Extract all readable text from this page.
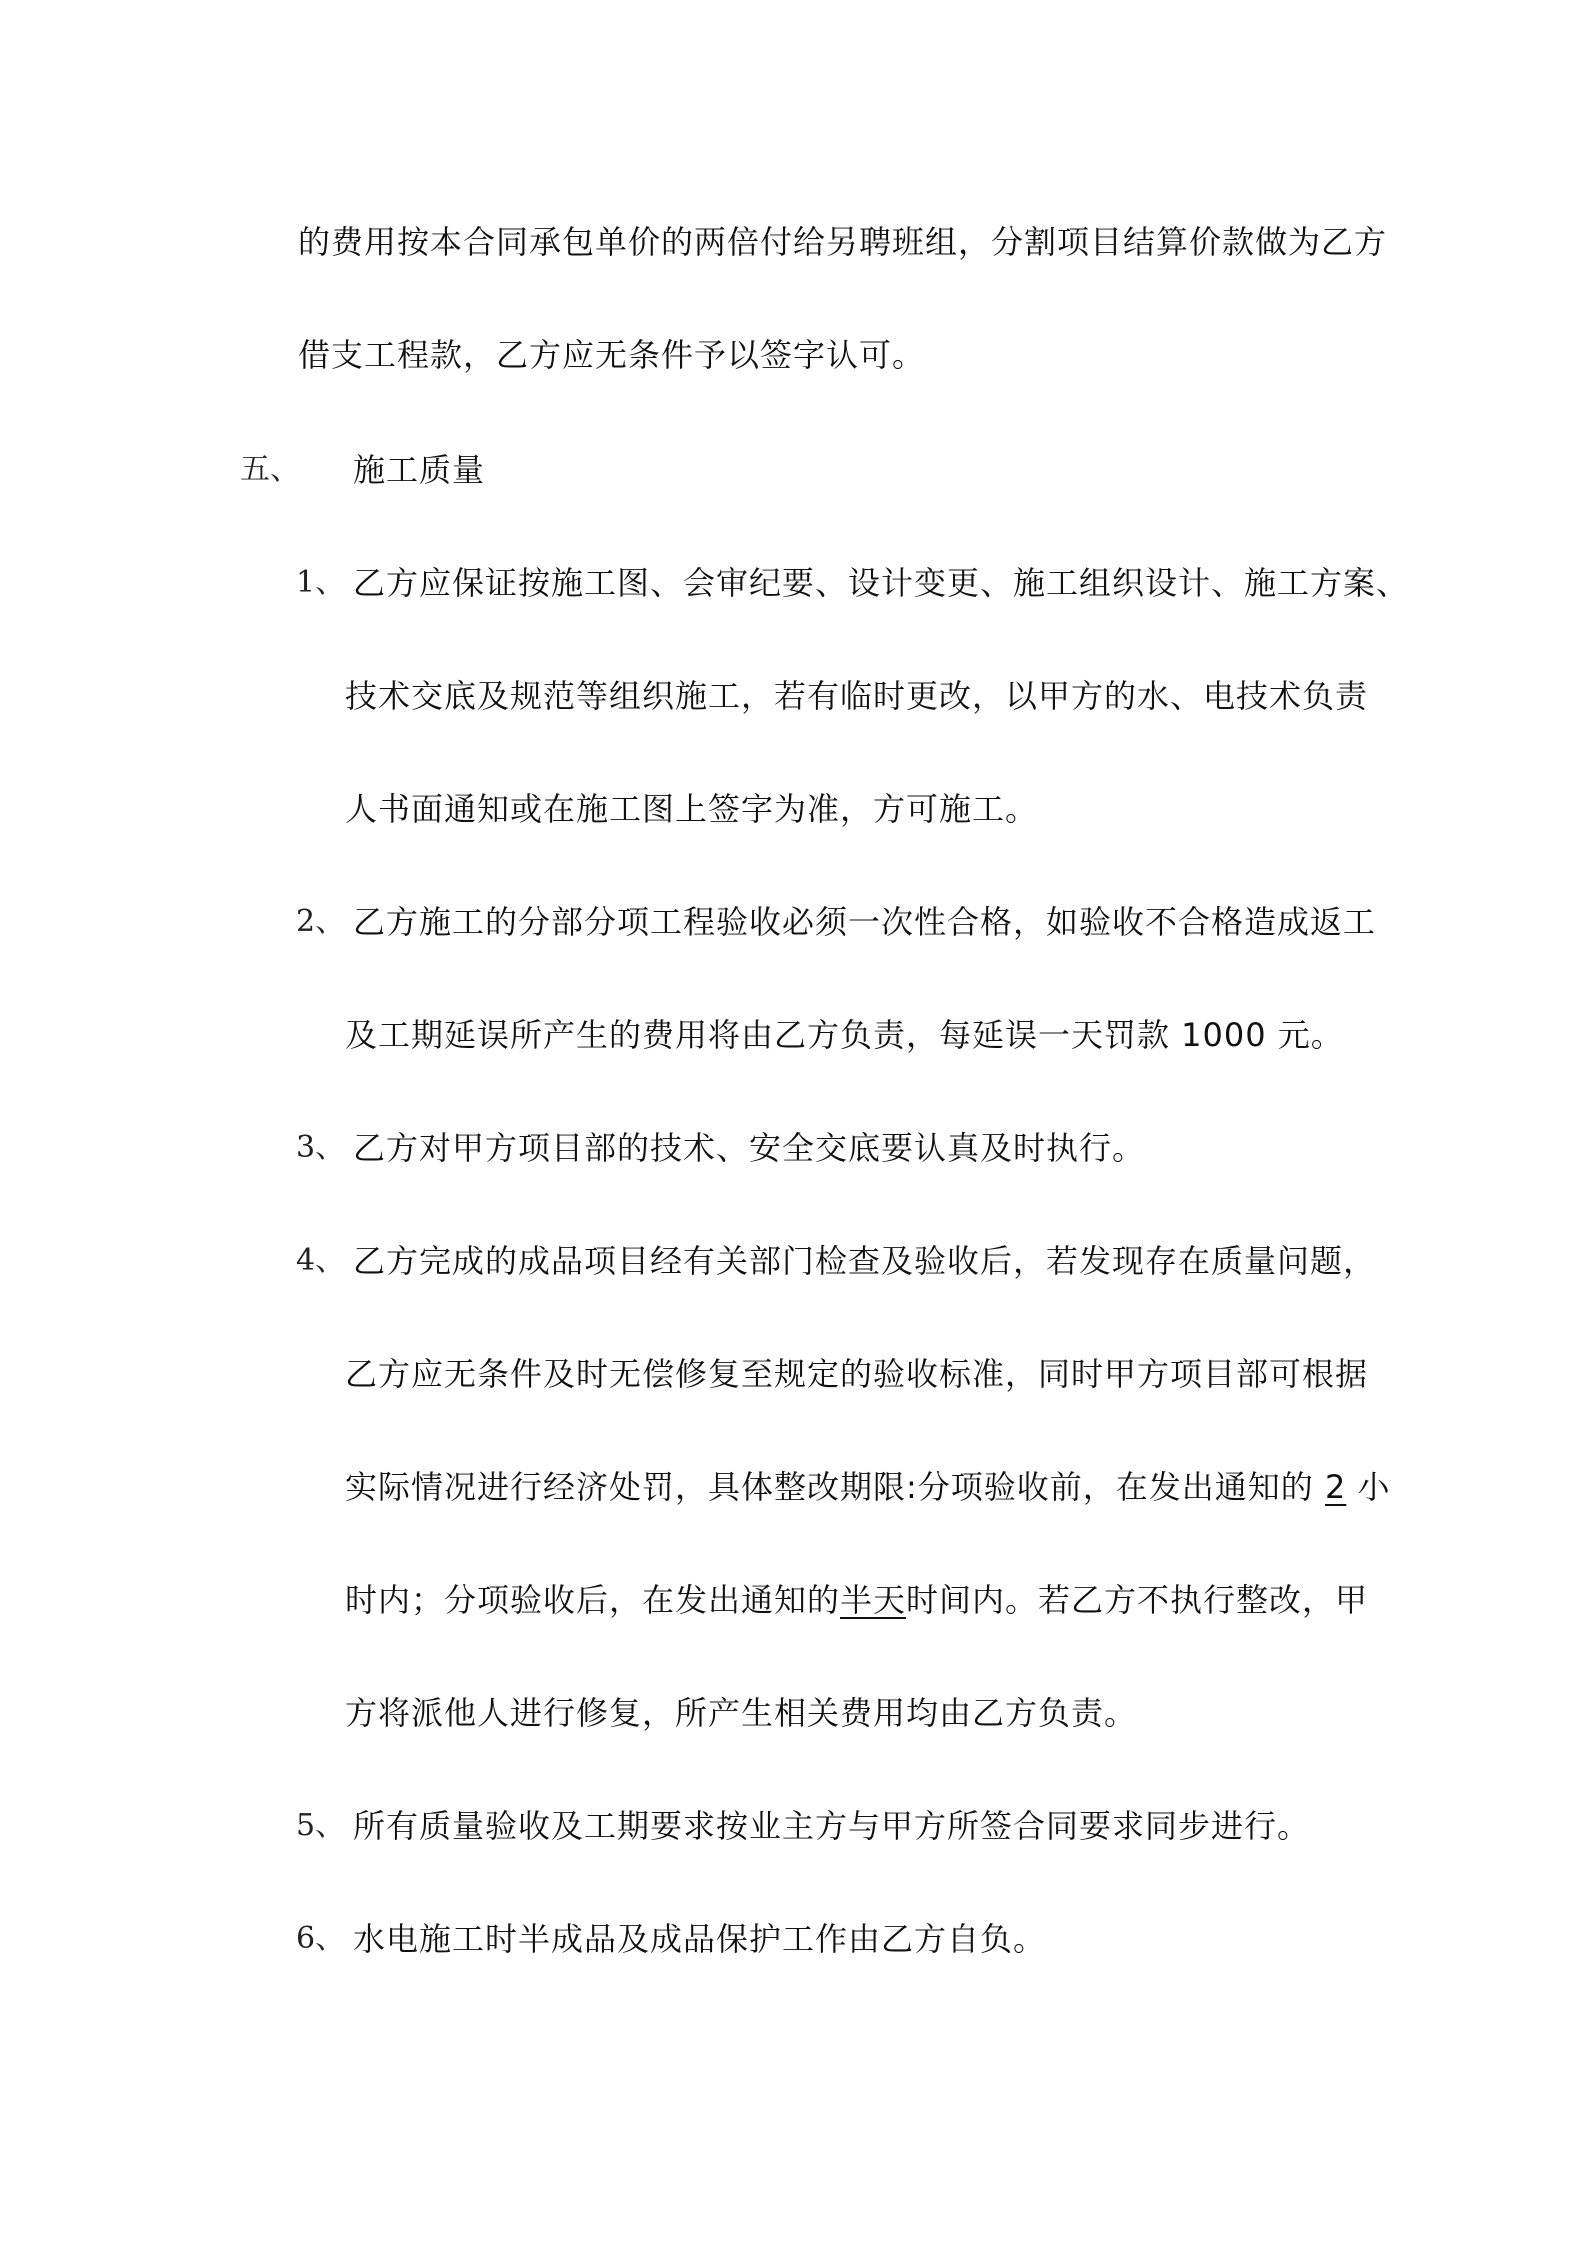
的费用按本合同承包单价的两倍付给另聘班组，分割项目结算价款做为乙方
借支工程款，乙方应无条件予以签字认可。
五、 施工质量
1、 乙方应保证按施工图、会审纪要、设计变更、施工组织设计、施工方案、
技术交底及规范等组织施工，若有临时更改，以甲方的水、电技术负责
人书面通知或在施工图上签字为准，方可施工。
2、 乙方施工的分部分项工程验收必须一次性合格，如验收不合格造成返工
及工期延误所产生的费用将由乙方负责，每延误一天罚款 1000 元。
3、 乙方对甲方项目部的技术、安全交底要认真及时执行。
4、 乙方完成的成品项目经有关部门检查及验收后，若发现存在质量问题，
乙方应无条件及时无偿修复至规定的验收标准，同时甲方项目部可根据
实际情况进行经济处罚，具体整改期限:分项验收前，在发出通知的 2 小
时内；分项验收后，在发出通知的半天时间内。若乙方不执行整改，甲
方将派他人进行修复，所产生相关费用均由乙方负责。
5、 所有质量验收及工期要求按业主方与甲方所签合同要求同步进行。
6、 水电施工时半成品及成品保护工作由乙方自负。
